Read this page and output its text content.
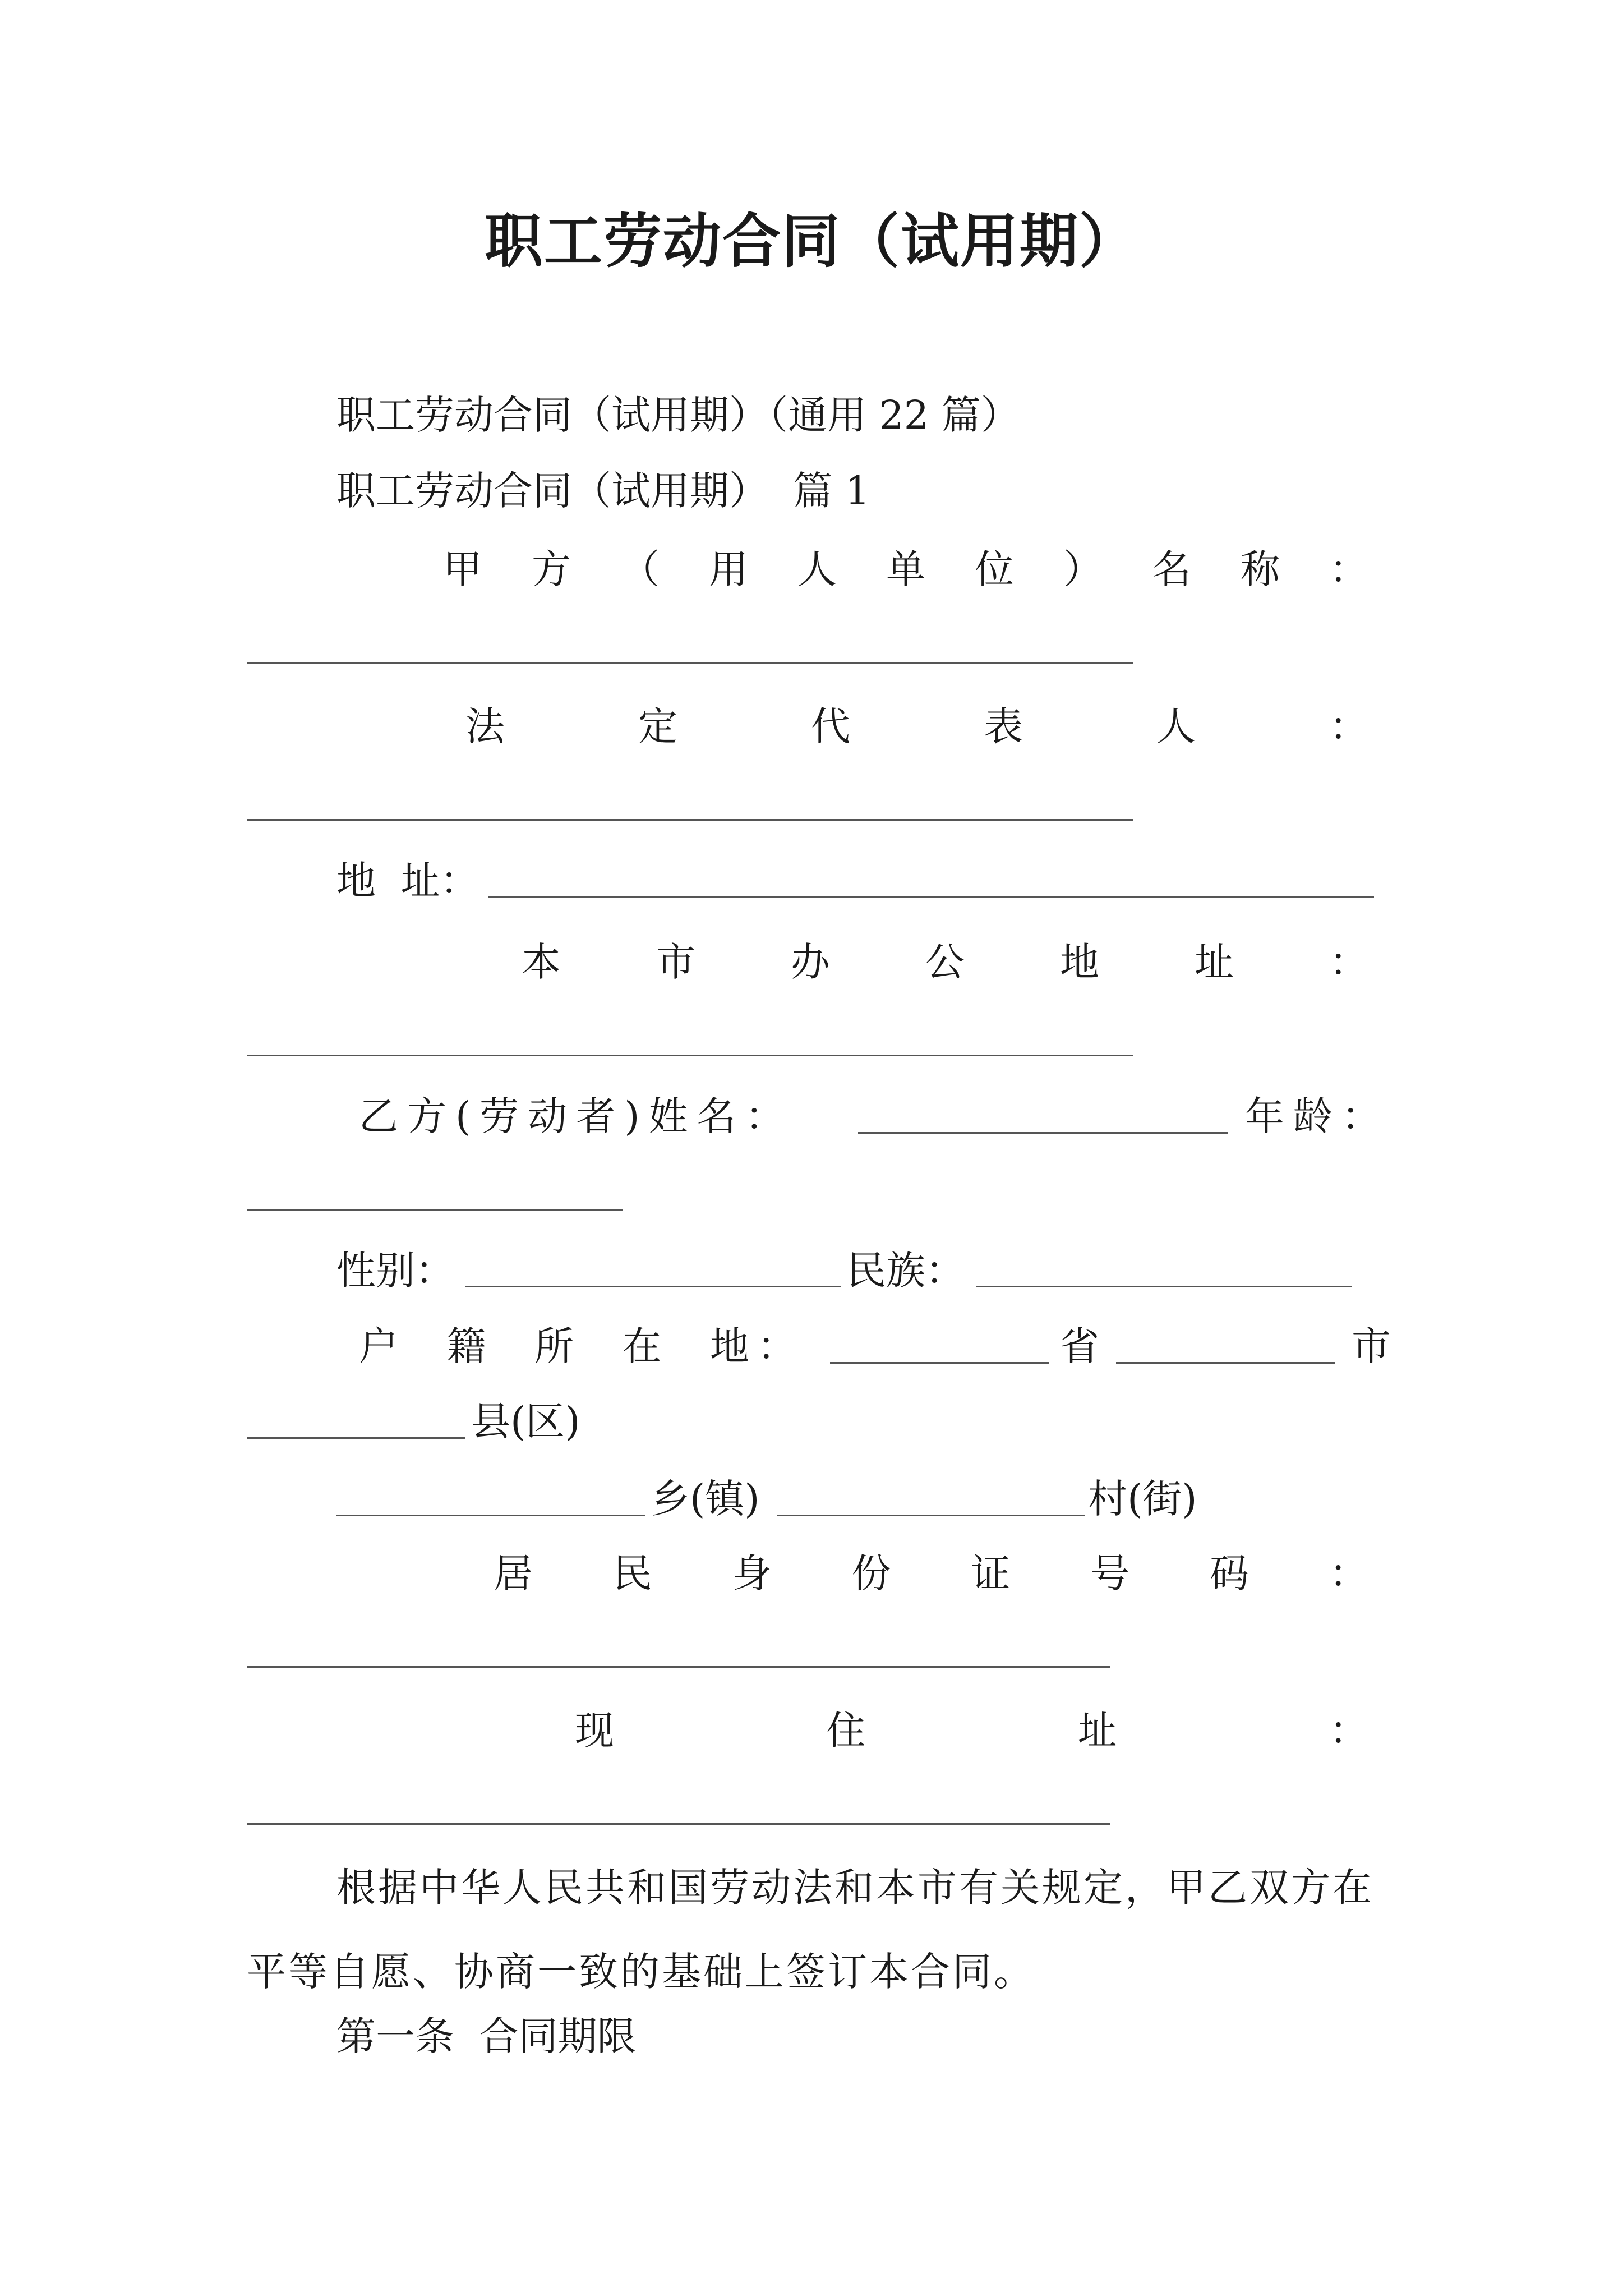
职工劳动合同（试用期）
职工劳动合同（试用期）（通用 22 篇）
职工劳动合同（试用期）  篇 1
甲 方 （ 用 人 单 位 ） 名 称 ：
法	定	代	表	人	：
地  址：
本 市 办 公 地 址 ：
乙方(劳动者)姓名：	年龄：
性别：	民族：
户  籍  所  在  地：	省	市
县(区)
乡(镇)	村(街)
居 民 身 份 证 号 码 ：
现	住	址	：
根据中华人民共和国劳动法和本市有关规定，甲乙双方在平等自愿、协商一致的基础上签订本合同。
第一条  合同期限
